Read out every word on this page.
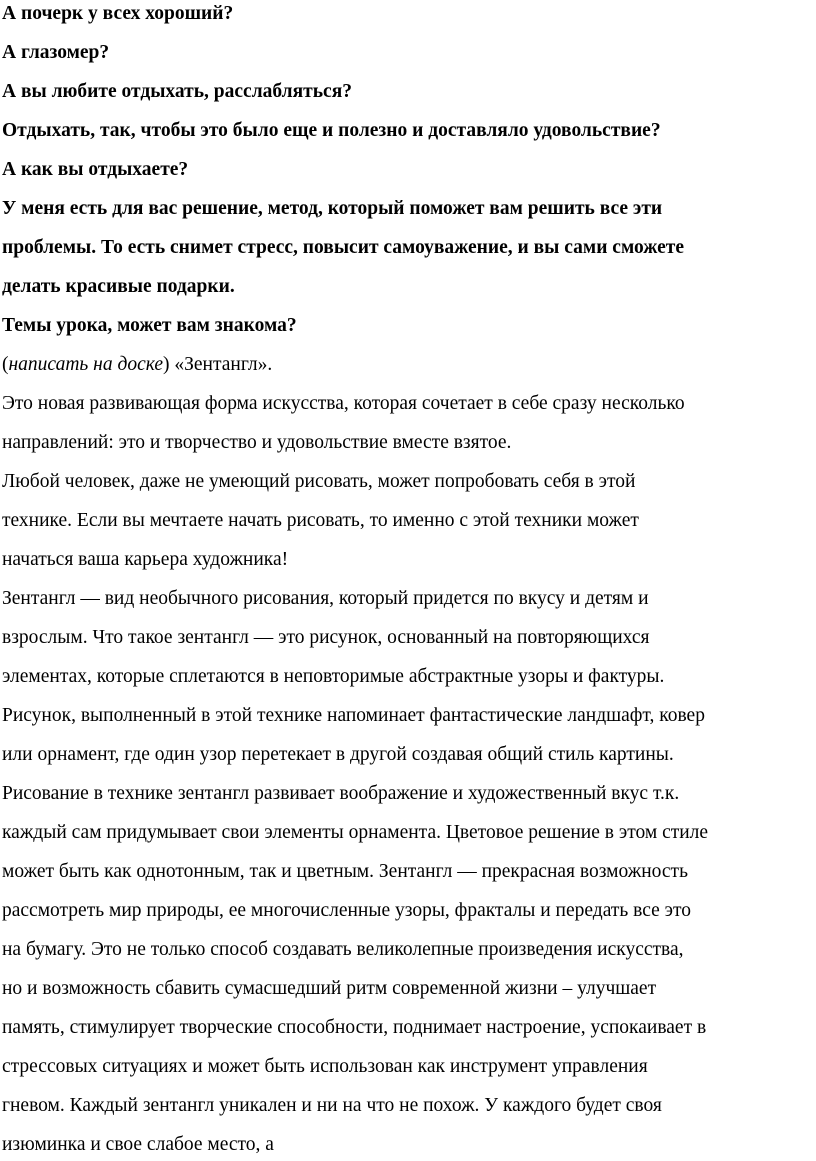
А почерк у всех хороший?
А глазомер?
А вы любите отдыхать, расслабляться?
Отдыхать, так, чтобы это было еще и полезно и доставляло удовольствие?
А как вы отдыхаете?
У меня есть для вас решение, метод, который поможет вам решить все эти
проблемы. То есть снимет стресс, повысит самоуважение, и вы сами сможете
делать красивые подарки.
Темы урока, может вам знакома?
(написать на доске) «Зентангл».
Это новая развивающая форма искусства, которая сочетает в себе сразу несколько
направлений: это и творчество и удовольствие вместе взятое.
Любой человек, даже не умеющий рисовать, может попробовать себя в этой
технике. Если вы мечтаете начать рисовать, то именно с этой техники может
начаться ваша карьера художника!
Зентангл — вид необычного рисования, который придется по вкусу и детям и
взрослым. Что такое зентангл — это рисунок, основанный на повторяющихся
элементах, которые сплетаются в неповторимые абстрактные узоры и фактуры.
Рисунок, выполненный в этой технике напоминает фантастические ландшафт, ковер
или орнамент, где один узор перетекает в другой создавая общий стиль картины.
Рисование в технике зентангл развивает воображение и художественный вкус т.к.
каждый сам придумывает свои элементы орнамента. Цветовое решение в этом стиле
может быть как однотонным, так и цветным. Зентангл — прекрасная возможность
рассмотреть мир природы, ее многочисленные узоры, фракталы и передать все это
на бумагу. Это не только способ создавать великолепные произведения искусства,
но и возможность сбавить сумасшедший ритм современной жизни – улучшает
память, стимулирует творческие способности, поднимает настроение, успокаивает в
стрессовых ситуациях и может быть использован как инструмент управления
гневом. Каждый зентангл уникален и ни на что не похож. У каждого будет своя
изюминка и свое слабое место, а
